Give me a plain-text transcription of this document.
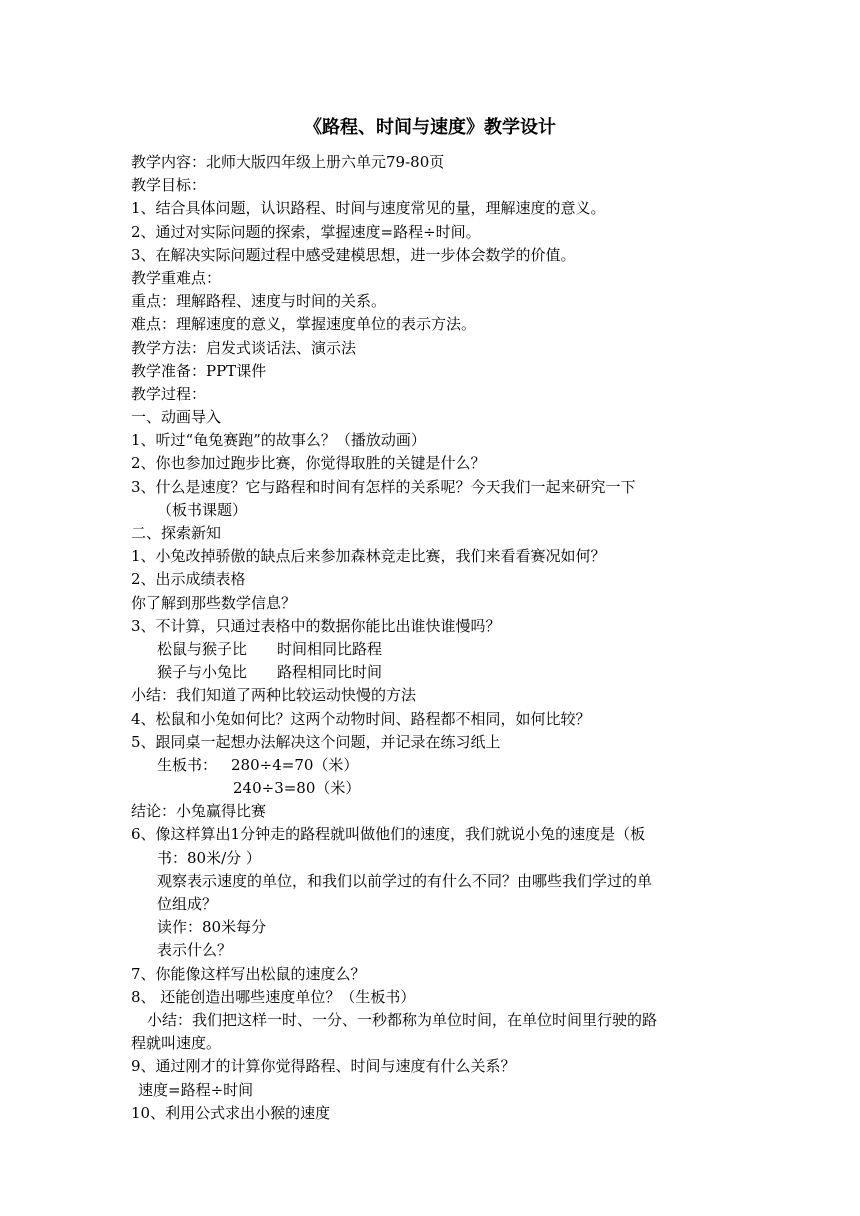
《路程、时间与速度》教学设计
教学内容：北师大版四年级上册六单元79-80页
教学目标：
1、结合具体问题，认识路程、时间与速度常见的量，理解速度的意义。
2、通过对实际问题的探索，掌握速度=路程÷时间。
3、在解决实际问题过程中感受建模思想，进一步体会数学的价值。
教学重难点：
重点：理解路程、速度与时间的关系。
难点：理解速度的意义，掌握速度单位的表示方法。
教学方法：启发式谈话法、演示法
教学准备：PPT课件
教学过程：
一、动画导入
1、听过“龟兔赛跑”的故事么？（播放动画）
2、你也参加过跑步比赛，你觉得取胜的关键是什么？
3、什么是速度？它与路程和时间有怎样的关系呢？今天我们一起来研究一下
（板书课题）
二、探索新知
1、小兔改掉骄傲的缺点后来参加森林竞走比赛，我们来看看赛况如何？
2、出示成绩表格
你了解到那些数学信息？
3、不计算，只通过表格中的数据你能比出谁快谁慢吗？
松鼠与猴子比 时间相同比路程
猴子与小兔比 路程相同比时间
小结：我们知道了两种比较运动快慢的方法
4、松鼠和小兔如何比？这两个动物时间、路程都不相同，如何比较？
5、跟同桌一起想办法解决这个问题，并记录在练习纸上
生板书： 280÷4=70（米）
240÷3=80（米）
结论：小兔赢得比赛
6、像这样算出1分钟走的路程就叫做他们的速度，我们就说小兔的速度是（板
书：80米/分 ）
观察表示速度的单位，和我们以前学过的有什么不同？由哪些我们学过的单
位组成？
读作：80米每分
表示什么？
7、你能像这样写出松鼠的速度么？
8、 还能创造出哪些速度单位？（生板书）
小结：我们把这样一时、一分、一秒都称为单位时间，在单位时间里行驶的路
程就叫速度。
9、通过刚才的计算你觉得路程、时间与速度有什么关系？
速度=路程÷时间
10、利用公式求出小猴的速度
